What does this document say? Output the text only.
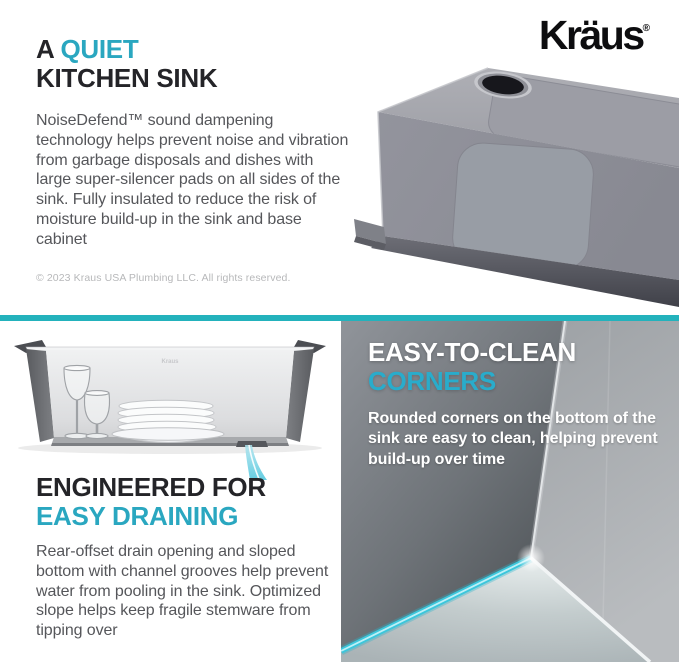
Kräus®
A QUIET
KITCHEN SINK

NoiseDefend™ sound dampening technology helps prevent noise and vibration from garbage disposals and dishes with large super-silencer pads on all sides of the sink. Fully insulated to reduce the risk of moisture build-up in the sink and base cabinet

© 2023 Kraus USA Plumbing LLC. All rights reserved.

Kraus
ENGINEERED FOR
EASY DRAINING

Rear-offset drain opening and sloped bottom with channel grooves help prevent water from pooling in the sink. Optimized slope helps keep fragile stemware from tipping over

EASY-TO-CLEAN
CORNERS

Rounded corners on the bottom of the sink are easy to clean, helping prevent build-up over time
